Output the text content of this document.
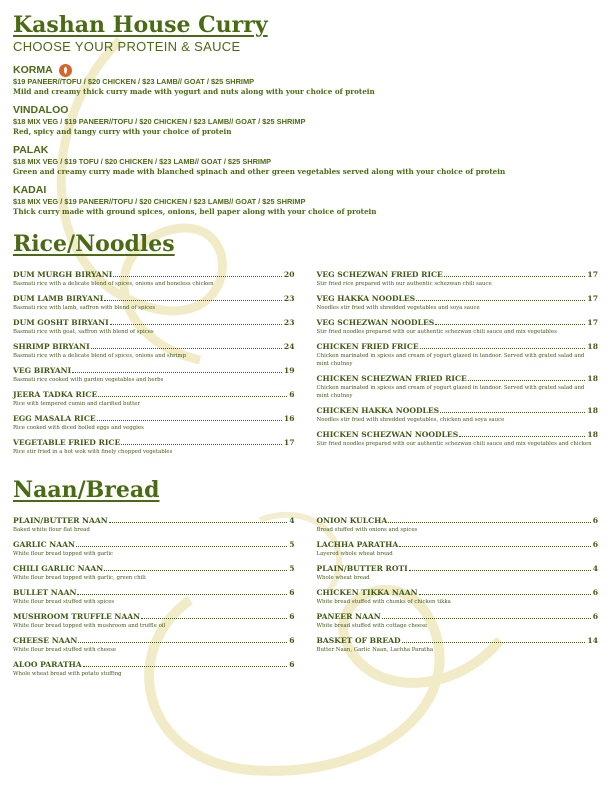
Kashan House Curry
CHOOSE YOUR PROTEIN & SAUCE
KORMA
$19 PANEER//TOFU / $20 CHICKEN / $23 LAMB// GOAT / $25 SHRIMP
Mild and creamy thick curry made with yogurt and nuts along with your choice of protein
VINDALOO
$18 MIX VEG / $19 PANEER//TOFU / $20 CHICKEN / $23 LAMB// GOAT / $25 SHRIMP
Red, spicy and tangy curry with your choice of protein
PALAK
$18 MIX VEG / $19 TOFU / $20 CHICKEN / $23 LAMB// GOAT / $25 SHRIMP
Green and creamy curry made with blanched spinach and other green vegetables served along with your choice of protein
KADAI
$18 MIX VEG / $19 PANEER//TOFU / $20 CHICKEN / $23 LAMB// GOAT / $25 SHRIMP
Thick curry made with ground spices, onions, bell paper along with your choice of protein
Rice/Noodles
DUM MURGH BIRYANI	20
Basmati rice with a delicate blend of spices, onions and boneless chicken
DUM LAMB BIRYANI	23
Basmati rice with lamb, saffron with blend of spices
DUM GOSHT BIRYANI	23
Basmati rice with goat, saffron with blend of spices
SHRIMP BIRYANI	24
Basmati rice with a delicate blend of spices, onions and shrimp
VEG BIRYANI	19
Basmati rice cooked with garden vegetables and herbs
JEERA TADKA RICE	6
Rice with tempered cumin and clarified butter
EGG MASALA RICE	16
Rice cooked with diced boiled eggs and veggies
VEGETABLE FRIED RICE	17
Rice stir fried in a hot wok with finely chopped vegetables
VEG SCHEZWAN FRIED RICE	17
Stir fried rice prepared with our authentic schezwan chili sauce
VEG HAKKA NOODLES	17
Noodles stir fried with shredded vegetables and soya sauce
VEG SCHEZWAN NOODLES	17
Stir fried noodles prepared with our authentic schezwan chili sauce and mix vegetables
CHICKEN FRIED FRICE	18
Chicken marinated in spices and cream of yogurt glazed in tandoor. Served with grated salad and mint chutney
CHICKEN SCHEZWAN FRIED RICE	18
Chicken marinated in spices and cream of yogurt glazed in tandoor. Served with grated salad and mint chutney
CHICKEN HAKKA NOODLES	18
Noodles stir fried with shredded vegetables, chicken and soya sauce
CHICKEN SCHEZWAN NOODLES	18
Stir fried noodles prepared with our authentic schezwan chili sauce and mix vegetables and chicken
Naan/Bread
PLAIN/BUTTER NAAN	4
Baked white flour flat bread
GARLIC NAAN	5
White flour bread topped with garlic
CHILI GARLIC NAAN	5
White flour bread topped with garlic, green chili
BULLET NAAN	6
White flour bread stuffed with spices
MUSHROOM TRUFFLE NAAN	6
White flour bread topped with mushroom and truffle oil
CHEESE NAAN	6
White flour bread stuffed with cheese
ALOO PARATHA	6
Whole wheat bread with potato stuffing
ONION KULCHA	6
Bread stuffed with onions and spices
LACHHA PARATHA	6
Layered whole wheat bread
PLAIN/BUTTER ROTI	4
Whole wheat bread
CHICKEN TIKKA NAAN	6
White bread stuffed with chunks of chicken tikka
PANEER NAAN	6
White bread stuffed with cottage cheese
BASKET OF BREAD	14
Butter Naan, Garlic Naan, Lachha Paratha
